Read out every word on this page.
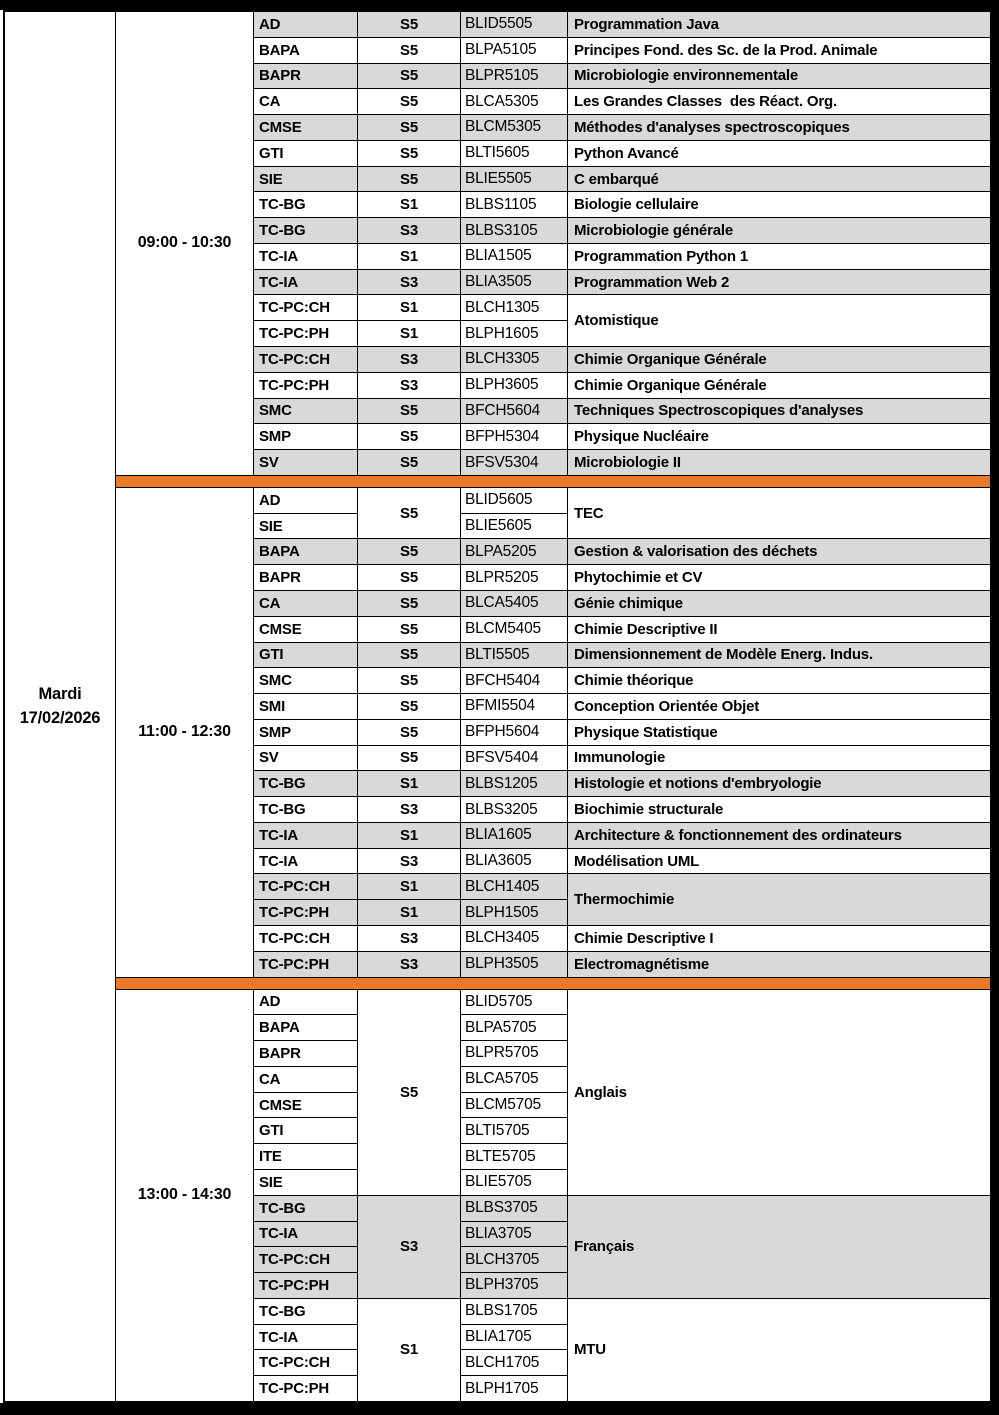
Mardi
17/02/2026
09:00 - 10:30
AD
BAPA
BAPR
CA
CMSE
GTI
SIE
TC-BG
TC-BG
TC-IA
TC-IA
TC-PC:CH
TC-PC:PH
TC-PC:CH
TC-PC:PH
SMC
SMP
SV
S5
S5
S5
S5
S5
S5
S5
S1
S3
S1
S3
S1
S1
S3
S3
S5
S5
S5
BLID5505
BLPA5105
BLPR5105
BLCA5305
BLCM5305
BLTI5605
BLIE5505
BLBS1105
BLBS3105
BLIA1505
BLIA3505
BLCH1305
BLPH1605
BLCH3305
BLPH3605
BFCH5604
BFPH5304
BFSV5304
Programmation Java
Principes Fond. des Sc. de la Prod. Animale
Microbiologie environnementale
Les Grandes Classes  des Réact. Org.
Méthodes d'analyses spectroscopiques
Python Avancé
C embarqué
Biologie cellulaire
Microbiologie générale
Programmation Python 1
Programmation Web 2
Atomistique
Chimie Organique Générale
Chimie Organique Générale
Techniques Spectroscopiques d'analyses
Physique Nucléaire
Microbiologie II
11:00 - 12:30
AD
SIE
BAPA
BAPR
CA
CMSE
GTI
SMC
SMI
SMP
SV
TC-BG
TC-BG
TC-IA
TC-IA
TC-PC:CH
TC-PC:PH
TC-PC:CH
TC-PC:PH
S5
S5
S5
S5
S5
S5
S5
S5
S5
S5
S1
S3
S1
S3
S1
S1
S3
S3
BLID5605
BLIE5605
BLPA5205
BLPR5205
BLCA5405
BLCM5405
BLTI5505
BFCH5404
BFMI5504
BFPH5604
BFSV5404
BLBS1205
BLBS3205
BLIA1605
BLIA3605
BLCH1405
BLPH1505
BLCH3405
BLPH3505
TEC
Gestion & valorisation des déchets
Phytochimie et CV
Génie chimique
Chimie Descriptive II
Dimensionnement de Modèle Energ. Indus.
Chimie théorique
Conception Orientée Objet
Physique Statistique
Immunologie
Histologie et notions d'embryologie
Biochimie structurale
Architecture & fonctionnement des ordinateurs
Modélisation UML
Thermochimie
Chimie Descriptive I
Electromagnétisme
13:00 - 14:30
AD
BAPA
BAPR
CA
CMSE
GTI
ITE
SIE
TC-BG
TC-IA
TC-PC:CH
TC-PC:PH
TC-BG
TC-IA
TC-PC:CH
TC-PC:PH
S5
S3
S1
BLID5705
BLPA5705
BLPR5705
BLCA5705
BLCM5705
BLTI5705
BLTE5705
BLIE5705
BLBS3705
BLIA3705
BLCH3705
BLPH3705
BLBS1705
BLIA1705
BLCH1705
BLPH1705
Anglais
Français
MTU
